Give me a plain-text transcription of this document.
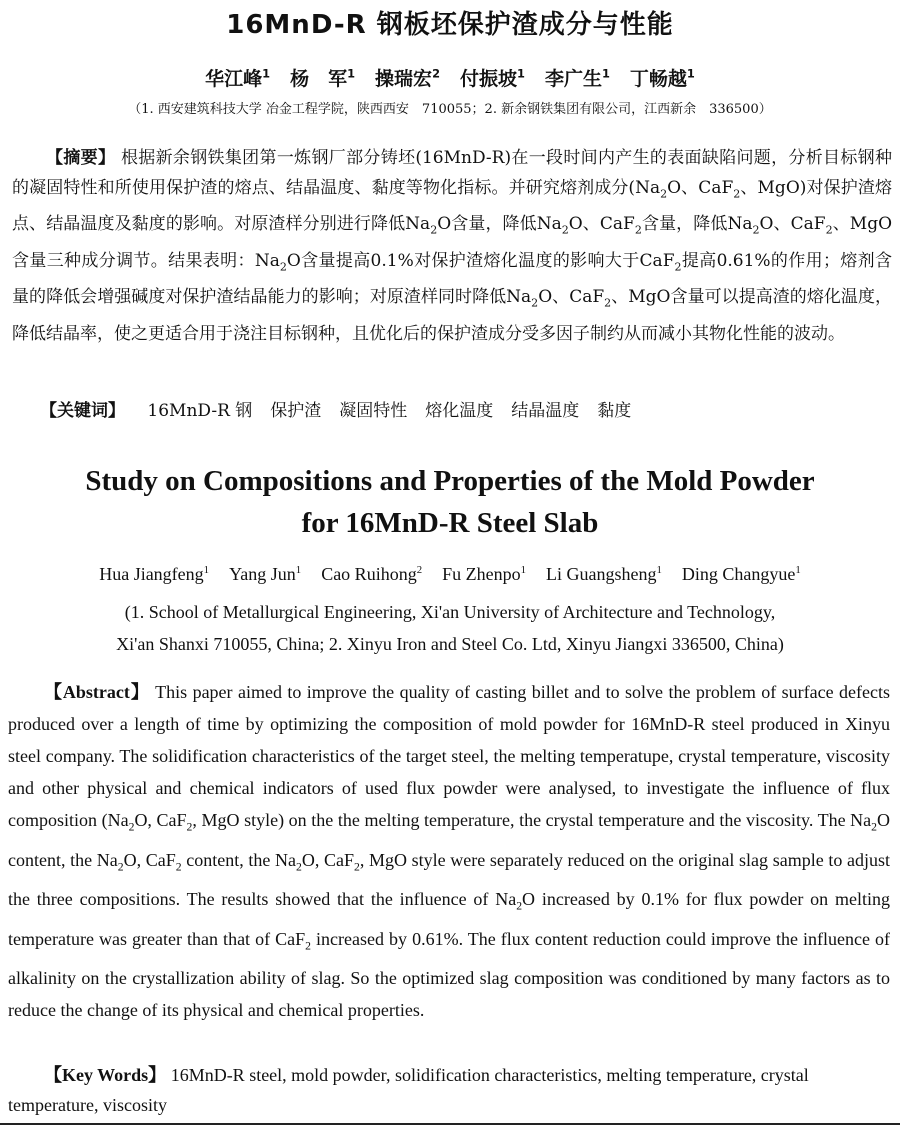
16MnD-R 钢板坯保护渣成分与性能
华江峰$^1$ 杨　军$^1$ 操瑞宏$^2$ 付振坡$^1$ 李广生$^1$ 丁畅越$^1$
（1. 西安建筑科技大学 冶金工程学院，陕西西安　710055；2. 新余钢铁集团有限公司，江西新余　336500）
【摘要】 根据新余钢铁集团第一炼钢厂部分铸坯(16MnD-R)在一段时间内产生的表面缺陷问题，分析目标钢种的凝固特性和所使用保护渣的熔点、结晶温度、黏度等物化指标。并研究熔剂成分($Na_2O$、CaF$_2$、MgO)对保护渣熔点、结晶温度及黏度的影响。对原渣样分别进行降低$Na_2O$含量，降低$Na_2O$、CaF$_2$含量，降低$Na_2O$、CaF$_2$、MgO含量三种成分调节。结果表明：$Na_2O$含量提高0.1%对保护渣熔化温度的影响大于CaF$_2$提高0.61%的作用；熔剂含量的降低会增强碱度对保护渣结晶能力的影响；对原渣样同时降低$Na_2O$、CaF$_2$、MgO含量可以提高渣的熔化温度，降低结晶率，使之更适合用于浇注目标钢种，且优化后的保护渣成分受多因子制约从而减小其物化性能的波动。
【关键词】 　 16MnD-R 钢 保护渣 凝固特性 熔化温度 结晶温度 黏度
Study on Compositions and Properties of the Mold Powder
for 16MnD-R Steel Slab
Hua Jiangfeng$^1$ Yang Jun$^1$ Cao Ruihong$^2$ Fu Zhenpo$^1$ Li Guangsheng$^1$ Ding Changyue$^1$
(1. School of Metallurgical Engineering, Xi'an University of Architecture and Technology,
Xi'an Shanxi 710055, China; 2. Xinyu Iron and Steel Co. Ltd, Xinyu Jiangxi 336500, China)
【Abstract】 This paper aimed to improve the quality of casting billet and to solve the problem of surface defects produced over a length of time by optimizing the composition of mold powder for 16MnD-R steel produced in Xinyu steel company. The solidification characteristics of the target steel, the melting temperatupe, crystal temperature, viscosity and other physical and chemical indicators of used flux powder were analysed, to investigate the influence of flux composition ($Na_2O$, CaF$_2$, MgO style) on the the melting temperature, the crystal temperature and the viscosity. The $Na_2O$ content, the $Na_2O$, CaF$_2$ content, the $Na_2O$, CaF$_2$, MgO style were separately reduced on the original slag sample to adjust the three compositions. The results showed that the influence of $Na_2O$ increased by 0.1% for flux powder on melting temperature was greater than that of CaF$_2$ increased by 0.61%. The flux content reduction could improve the influence of alkalinity on the crystallization ability of slag. So the optimized slag composition was conditioned by many factors as to reduce the change of its physical and chemical properties.
【Key Words】 16MnD-R steel, mold powder, solidification characteristics, melting temperature, crystal temperature, viscosity
